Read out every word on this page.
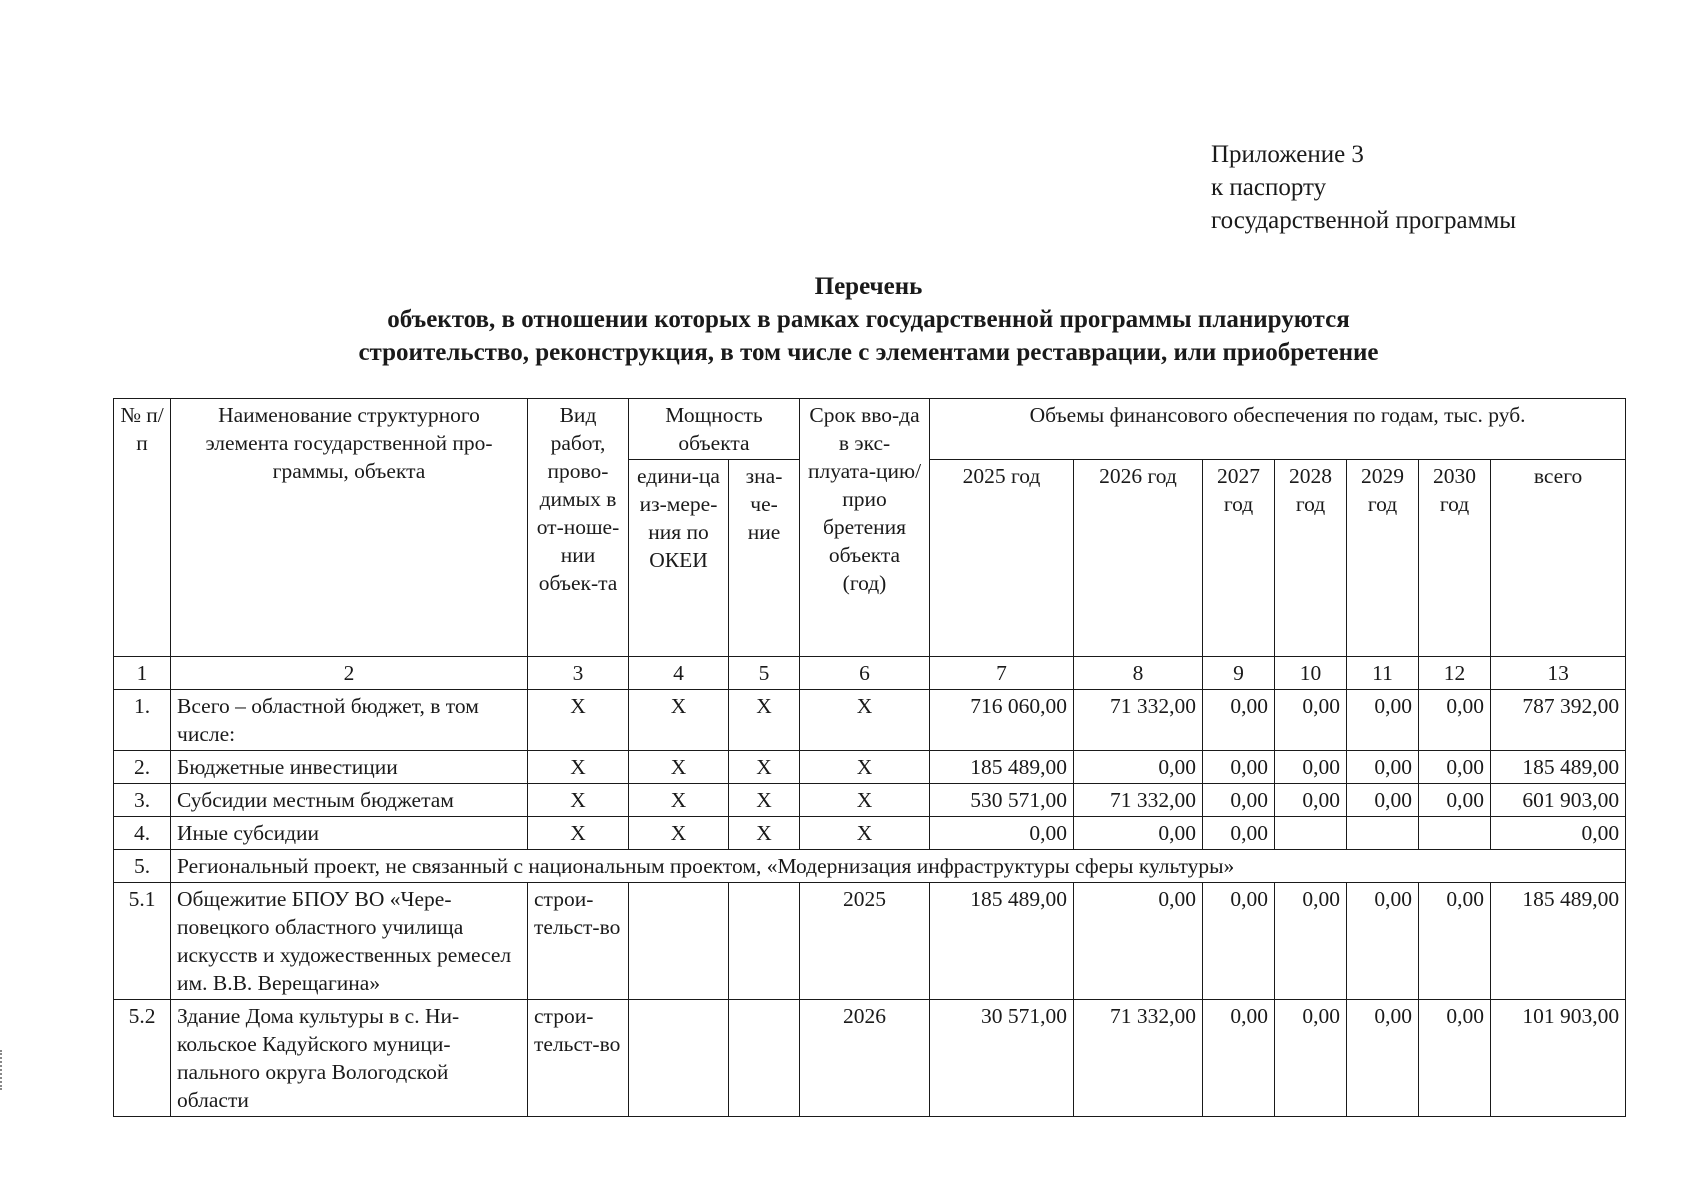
Приложение 3
к паспорту
государственной программы
Перечень
объектов, в отношении которых в рамках государственной программы планируются
строительство, реконструкция, в том числе с элементами реставрации, или приобретение
№ п/п	Наименование структурного элемента государственной про-граммы, объекта	Вид работ, прово-димых в от-ноше-нии объек-та	Мощность объекта		Срок вво-да в экс-плуата-цию/прио бретения объекта (год)	Объемы финансового обеспечения по годам, тыс. руб.						
			едини-ца из-мере-ния по ОКЕИ	зна-че-ние		2025 год	2026 год	2027 год	2028 год	2029 год	2030 год	всего
1	2	3	4	5	6	7	8	9	10	11	12	13
1.	Всего – областной бюджет, в том числе:	X	X	X	X	716 060,00	71 332,00	0,00	0,00	0,00	0,00	787 392,00
2.	Бюджетные инвестиции	X	X	X	X	185 489,00	0,00	0,00	0,00	0,00	0,00	185 489,00
3.	Субсидии местным бюджетам	X	X	X	X	530 571,00	71 332,00	0,00	0,00	0,00	0,00	601 903,00
4.	Иные субсидии	X	X	X	X	0,00	0,00	0,00				0,00
5.	Региональный проект, не связанный с национальным проектом, «Модернизация инфраструктуры сферы культуры»											
5.1	Общежитие БПОУ ВО «Чере-повецкого областного училища искусств и художественных ремесел им. В.В. Верещагина»	строи-тельст-во			2025	185 489,00	0,00	0,00	0,00	0,00	0,00	185 489,00
5.2	Здание Дома культуры в с. Ни-кольское Кадуйского муници-пального округа Вологодской области	строи-тельст-во			2026	30 571,00	71 332,00	0,00	0,00	0,00	0,00	101 903,00
